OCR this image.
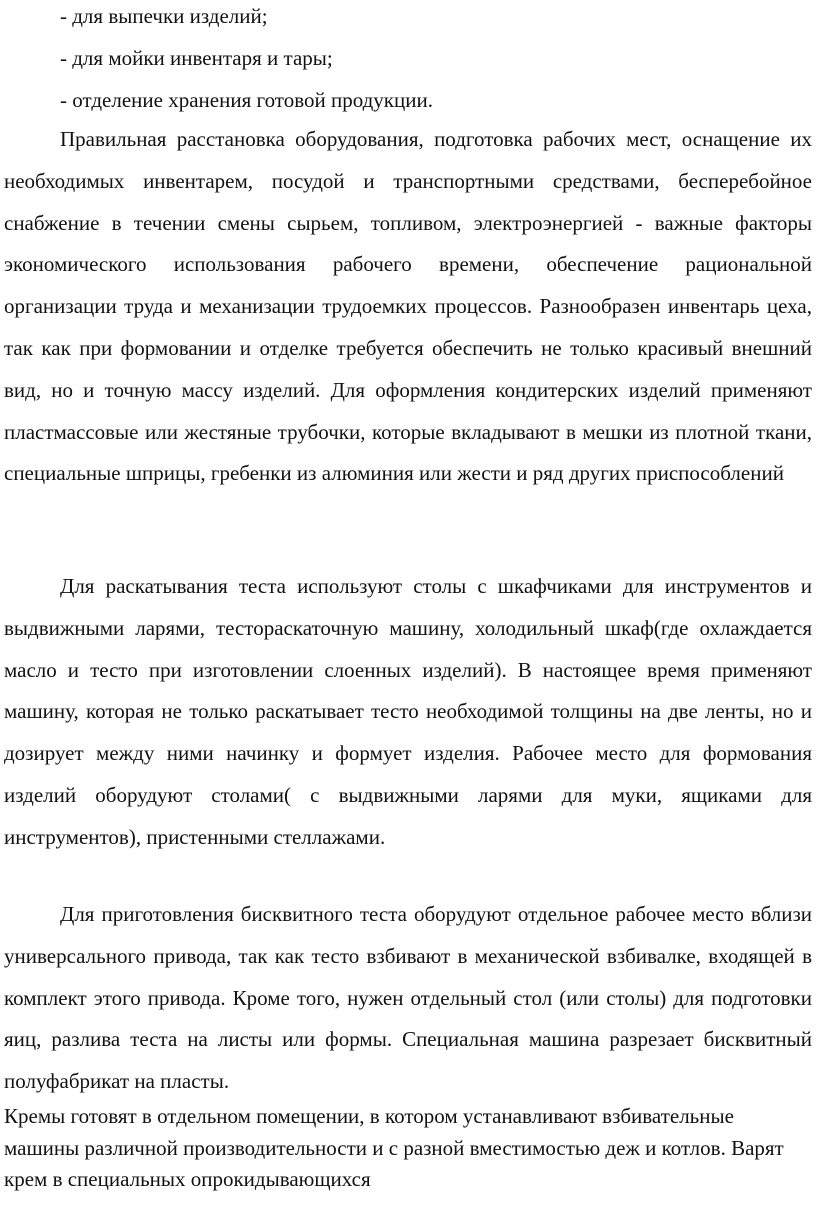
- для выпечки изделий;
- для мойки инвентаря и тары;
- отделение хранения готовой продукции.

Правильная расстановка оборудования, подготовка рабочих мест, оснащение их необходимых инвентарем, посудой и транспортными средствами, бесперебойное снабжение в течении смены сырьем, топливом, электроэнергией - важные факторы экономического использования рабочего времени, обеспечение рациональной организации труда и механизации трудоемких процессов. Разнообразен инвентарь цеха, так как при формовании и отделке требуется обеспечить не только красивый внешний вид, но и точную массу изделий. Для оформления кондитерских изделий применяют пластмассовые или жестяные трубочки, которые вкладывают в мешки из плотной ткани, специальные шприцы, гребенки из алюминия или жести и ряд других приспособлений

Для раскатывания теста используют столы с шкафчиками для инструментов и выдвижными ларями, тестораскаточную машину, холодильный шкаф(где охлаждается масло и тесто при изготовлении слоенных изделий). В настоящее время применяют машину, которая не только раскатывает тесто необходимой толщины на две ленты, но и дозирует между ними начинку и формует изделия. Рабочее место для формования изделий оборудуют столами( с выдвижными ларями для муки, ящиками для инструментов), пристенными стеллажами.

Для приготовления бисквитного теста оборудуют отдельное рабочее место вблизи универсального привода, так как тесто взбивают в механической взбивалке, входящей в комплект этого привода. Кроме того, нужен отдельный стол (или столы) для подготовки яиц, разлива теста на листы или формы. Специальная машина разрезает бисквитный полуфабрикат на пласты.

Кремы готовят в отдельном помещении, в котором устанавливают взбивательные машины различной производительности и с разной вместимостью деж и котлов. Варят крем в специальных опрокидывающихся
